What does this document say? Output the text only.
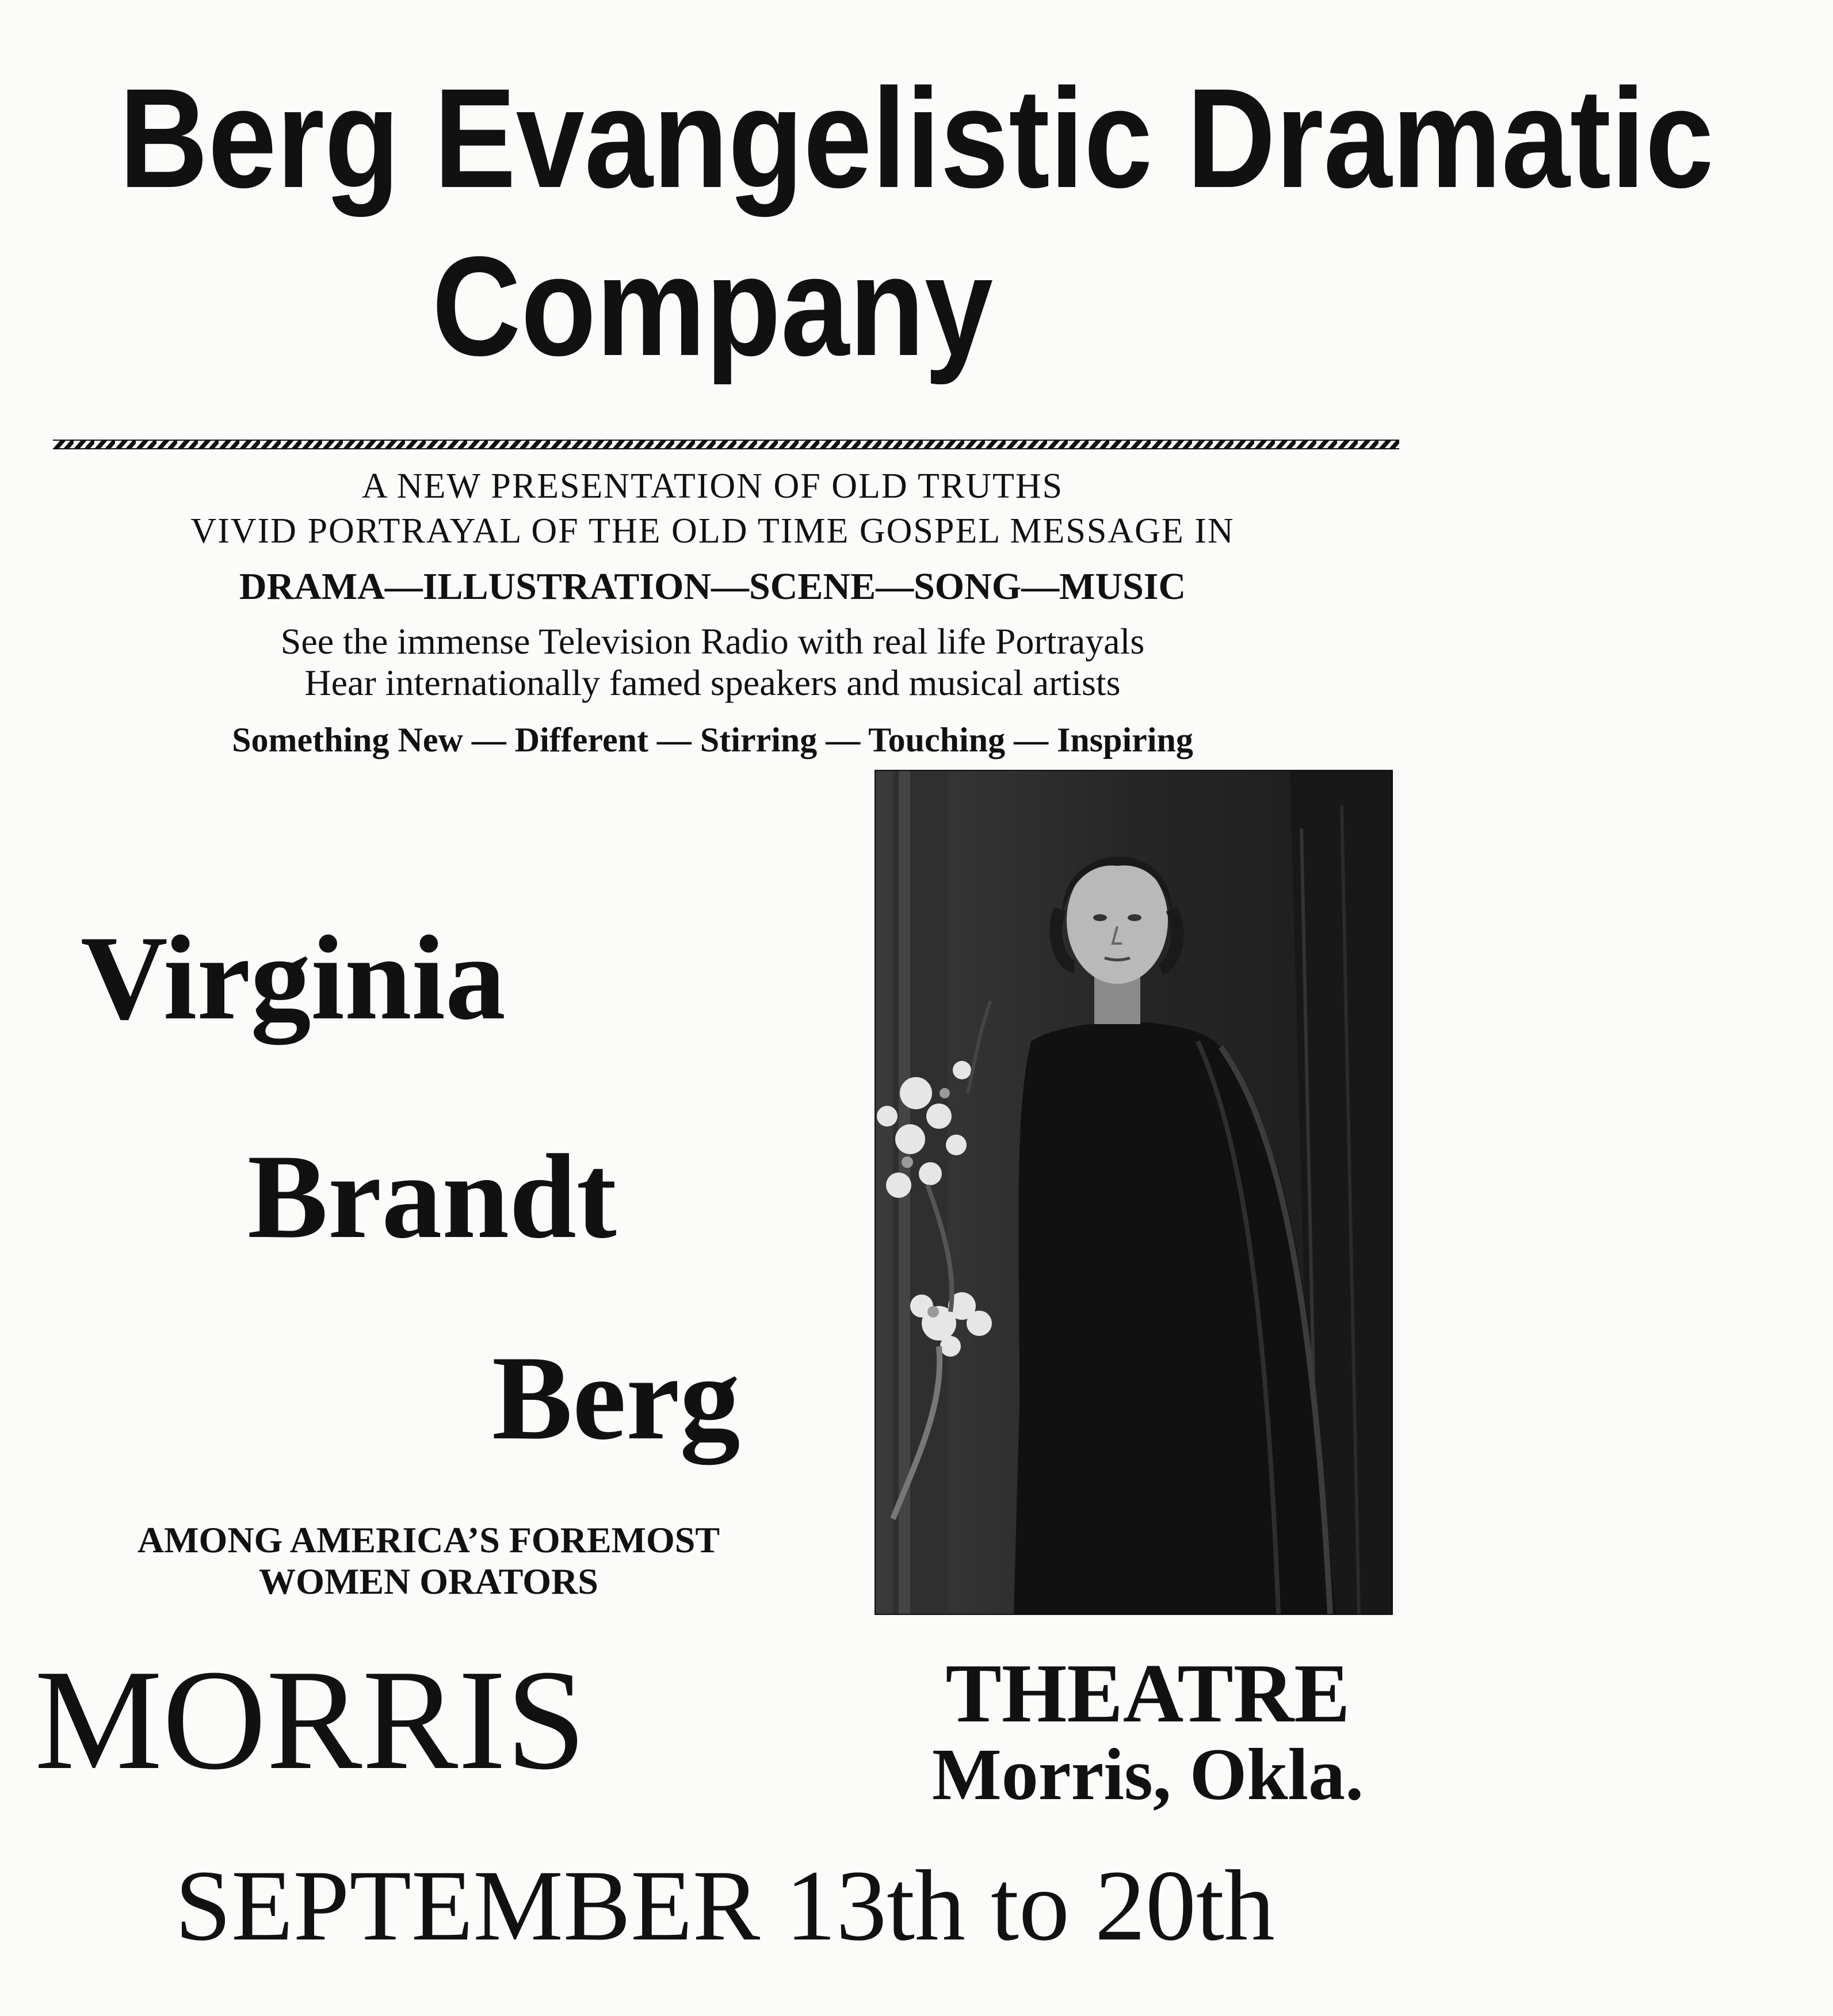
Berg Evangelistic Dramatic
Company
A NEW PRESENTATION OF OLD TRUTHS
VIVID PORTRAYAL OF THE OLD TIME GOSPEL MESSAGE IN
DRAMA—ILLUSTRATION—SCENE—SONG—MUSIC
See the immense Television Radio with real life Portrayals
Hear internationally famed speakers and musical artists
Something New — Different — Stirring — Touching — Inspiring
Virginia
Brandt
Berg
AMONG AMERICA’S FOREMOST
WOMEN ORATORS
MORRIS	THEATRE
Morris, Okla.
SEPTEMBER 13th to 20th
